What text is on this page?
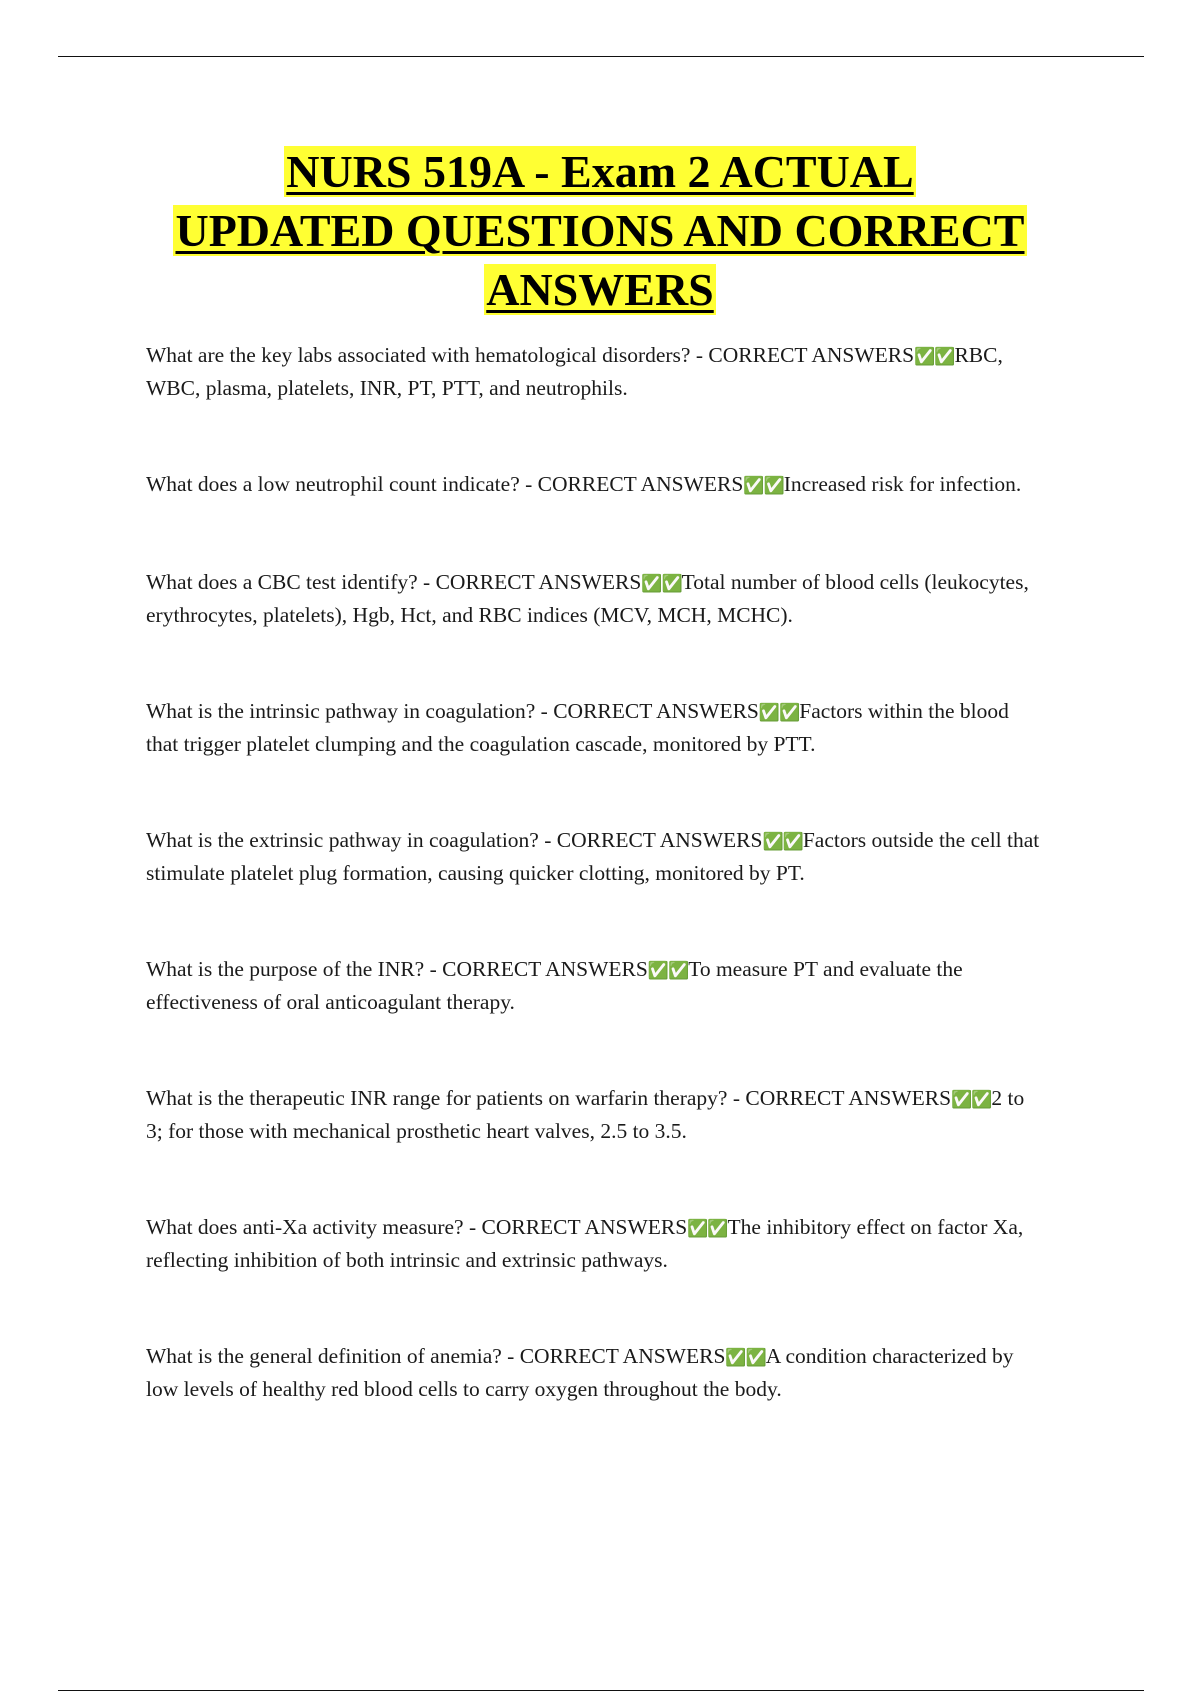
NURS 519A - Exam 2 ACTUAL
UPDATED QUESTIONS AND CORRECT
ANSWERS
What are the key labs associated with hematological disorders? - CORRECT ANSWERS✅✅RBC, WBC, plasma, platelets, INR, PT, PTT, and neutrophils.
What does a low neutrophil count indicate? - CORRECT ANSWERS✅✅Increased risk for infection.
What does a CBC test identify? - CORRECT ANSWERS✅✅Total number of blood cells (leukocytes, erythrocytes, platelets), Hgb, Hct, and RBC indices (MCV, MCH, MCHC).
What is the intrinsic pathway in coagulation? - CORRECT ANSWERS✅✅Factors within the blood that trigger platelet clumping and the coagulation cascade, monitored by PTT.
What is the extrinsic pathway in coagulation? - CORRECT ANSWERS✅✅Factors outside the cell that stimulate platelet plug formation, causing quicker clotting, monitored by PT.
What is the purpose of the INR? - CORRECT ANSWERS✅✅To measure PT and evaluate the effectiveness of oral anticoagulant therapy.
What is the therapeutic INR range for patients on warfarin therapy? - CORRECT ANSWERS✅✅2 to 3; for those with mechanical prosthetic heart valves, 2.5 to 3.5.
What does anti-Xa activity measure? - CORRECT ANSWERS✅✅The inhibitory effect on factor Xa, reflecting inhibition of both intrinsic and extrinsic pathways.
What is the general definition of anemia? - CORRECT ANSWERS✅✅A condition characterized by low levels of healthy red blood cells to carry oxygen throughout the body.
